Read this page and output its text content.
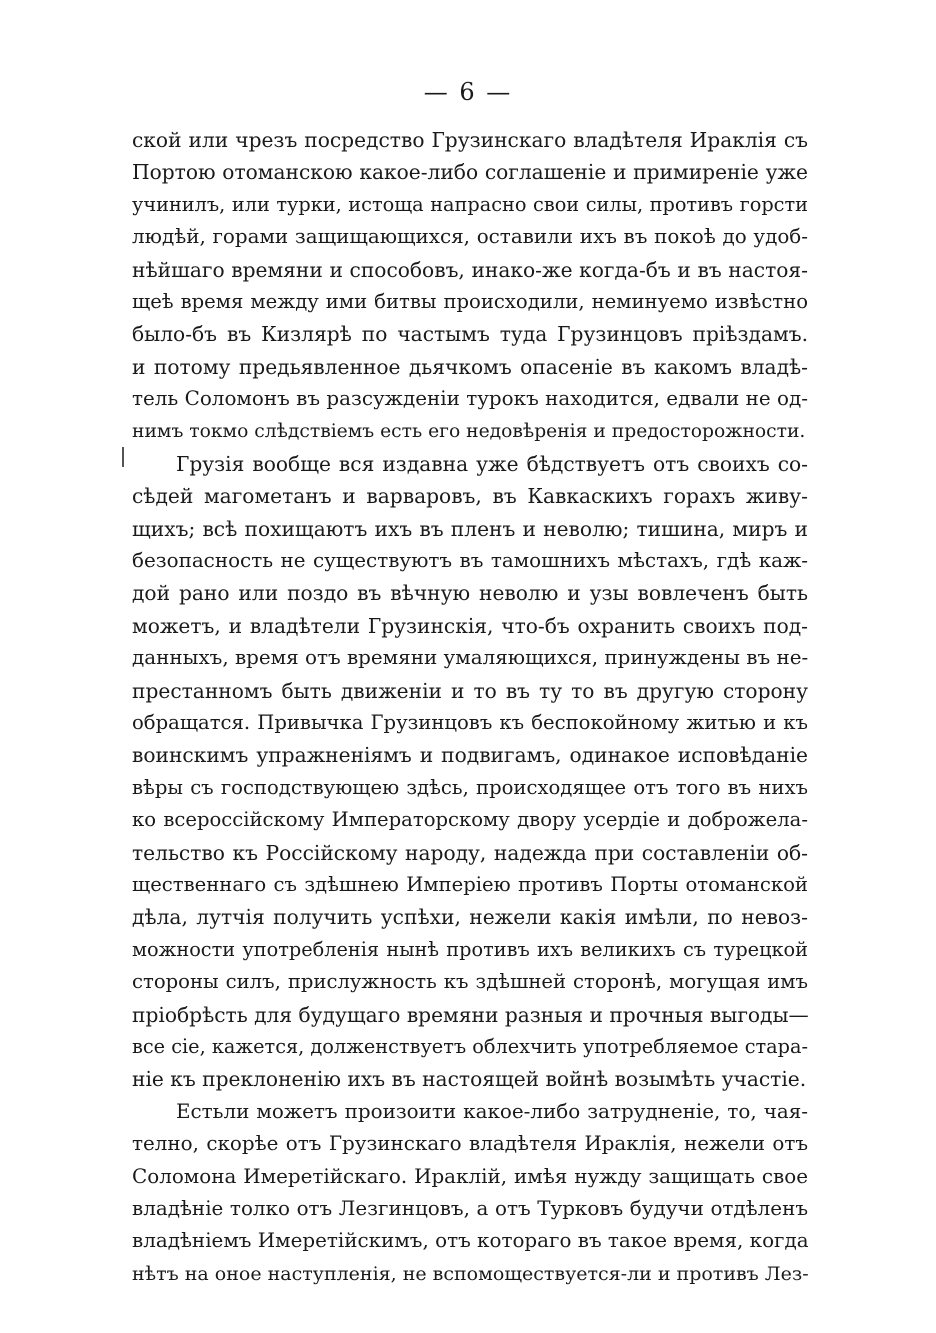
— 6 —
ской или чрезъ посредство Грузинскаго владѣтеля Ираклія съ
Портою отоманскою какое-либо соглашеніе и примиреніе уже
учинилъ, или турки, истоща напрасно свои силы, противъ горсти
людѣй, горами защищающихся, оставили ихъ въ покоѣ до удоб-
нѣйшаго времяни и способовъ, инако-же когда-бъ и въ настоя-
щеѣ время между ими битвы происходили, неминуемо извѣстно
было-бъ въ Кизлярѣ по частымъ туда Грузинцовъ пріѣздамъ.
и потому предьявленное дьячкомъ опасеніе въ какомъ владѣ-
тель Соломонъ въ разсужденіи турокъ находится, едвали не од-
нимъ токмо слѣдствіемъ есть его недовѣренія и предосторожности.
Грузія вообще вся издавна уже бѣдствуетъ отъ своихъ со-
сѣдей магометанъ и варваровъ, въ Кавкаскихъ горахъ живу-
щихъ; всѣ похищаютъ ихъ въ пленъ и неволю; тишина, миръ и
безопасность не существуютъ въ тамошнихъ мѣстахъ, гдѣ каж-
дой рано или поздо въ вѣчную неволю и узы вовлеченъ быть
можетъ, и владѣтели Грузинскія, что-бъ охранить своихъ под-
данныхъ, время отъ времяни умаляющихся, принуждены въ не-
престанномъ быть движеніи и то въ ту то въ другую сторону
обращатся. Привычка Грузинцовъ къ беспокойному житью и къ
воинскимъ упражненіямъ и подвигамъ, одинакое исповѣданіе
вѣры съ господствующею здѣсь, происходящее отъ того въ нихъ
ко всероссійскому Императорскому двору усердіе и доброжела-
тельство къ Россійскому народу, надежда при составленіи об-
щественнаго съ здѣшнею Имперіею противъ Порты отоманской
дѣла, лутчія получить успѣхи, нежели какія имѣли, по невоз-
можности употребленія нынѣ противъ ихъ великихъ съ турецкой
стороны силъ, прислужность къ здѣшней сторонѣ, могущая имъ
пріобрѣсть для будущаго времяни разныя и прочныя выгоды—
все сіе, кажется, долженствуетъ облехчить употребляемое стара-
ніе къ преклоненію ихъ въ настоящей войнѣ возымѣть участіе.
Естьли можетъ произоити какое-либо затрудненіе, то, чая-
телно, скорѣе отъ Грузинскаго владѣтеля Ираклія, нежели отъ
Соломона Имеретійскаго. Ираклій, имѣя нужду защищать свое
владѣніе толко отъ Лезгинцовъ, а отъ Турковъ будучи отдѣленъ
владѣніемъ Имеретійскимъ, отъ котораго въ такое время, когда
нѣтъ на оное наступленія, не вспомоществуется-ли и противъ Лез-
